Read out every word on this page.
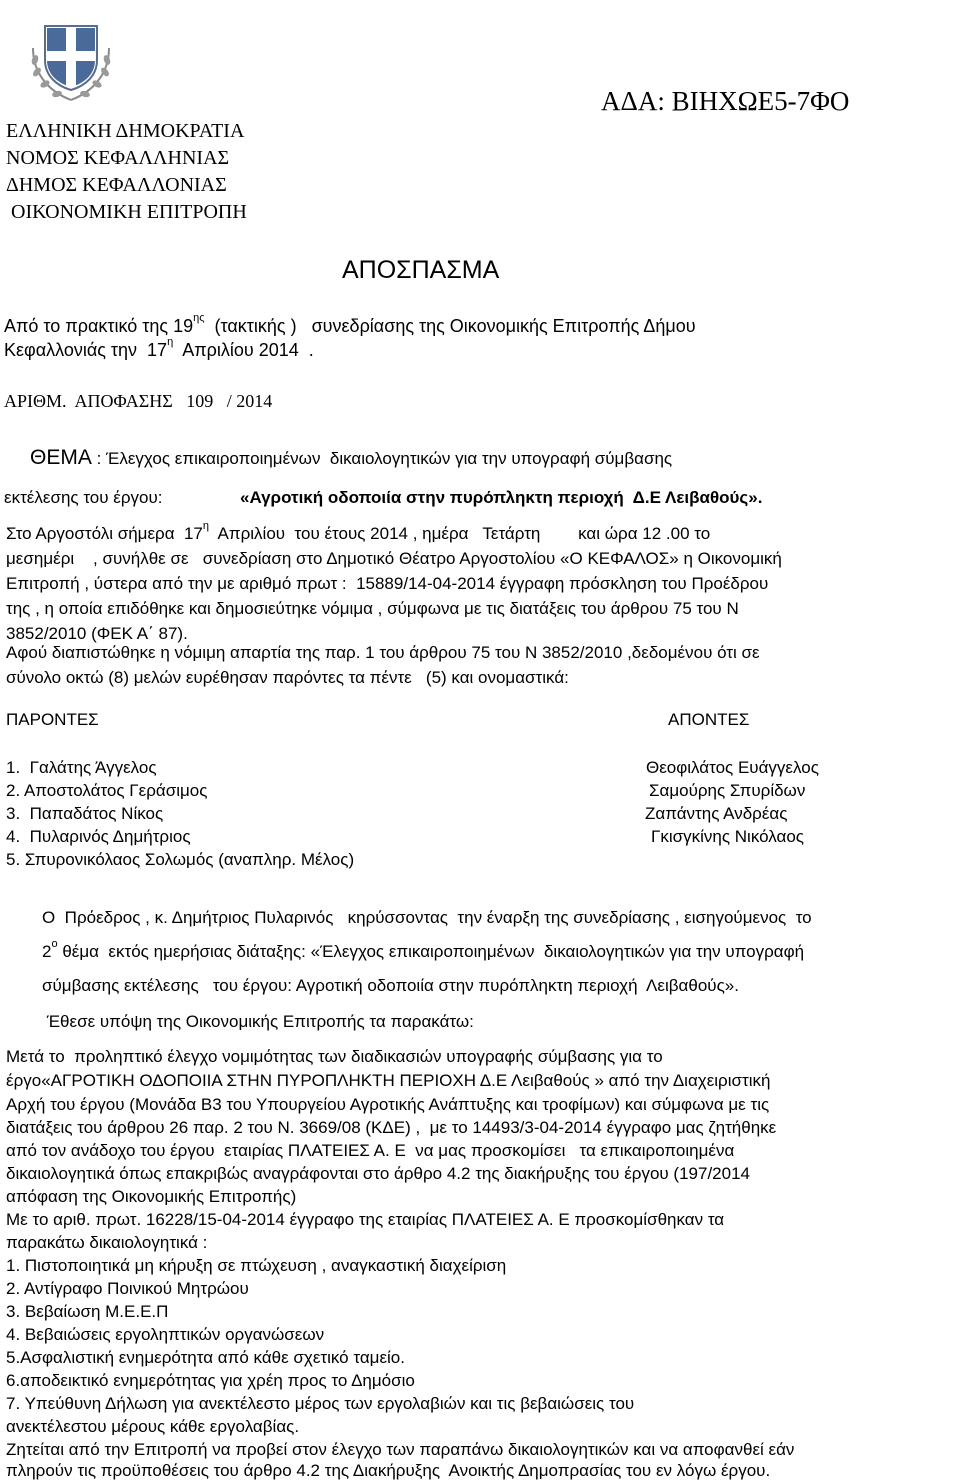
ΕΛΛΗΝΙΚΗ ΔΗΜΟΚΡΑΤΙΑ
ΝΟΜΟΣ ΚΕΦΑΛΛΗΝΙΑΣ
ΔΗΜΟΣ ΚΕΦΑΛΛΟΝΙΑΣ
ΟΙΚΟΝΟΜΙΚΗ ΕΠΙΤΡΟΠΗ
ΑΔΑ: ΒΙΗΧΩΕ5-7ΦΟ
ΑΠΟΣΠΑΣΜΑ
Από το πρακτικό της $19^{\eta\varsigma}$  (τακτικής )   συνεδρίασης της Οικονομικής Επιτροπής Δήμου
Κεφαλλονιάς την  $17^\eta$  Απριλίου 2014  .
ΑΡΙΘΜ.  ΑΠΟΦΑΣΗΣ   109   / 2014
ΘΕΜΑ : Έλεγχος επικαιροποιημένων  δικαιολογητικών για την υπογραφή σύμβασης
εκτέλεσης του έργου:	«Αγροτική οδοποιία στην πυρόπληκτη περιοχή  Δ.Ε Λειβαθούς».
Στο Αργοστόλι σήμερα  $17^\eta$  Απριλίου  του έτους 2014 , ημέρα   Τετάρτη        και ώρα 12 .00 το
μεσημέρι    , συνήλθε σε   συνεδρίαση στο Δημοτικό Θέατρο Αργοστολίου «Ο ΚΕΦΑΛΟΣ» η Οικονομική
Επιτροπή , ύστερα από την με αριθμό πρωτ :  15889/14-04-2014 έγγραφη πρόσκληση του Προέδρου
της , η οποία επιδόθηκε και δημοσιεύτηκε νόμιμα , σύμφωνα με τις διατάξεις του άρθρου 75 του Ν
3852/2010 (ΦΕΚ Α΄ 87).
Αφού διαπιστώθηκε η νόμιμη απαρτία της παρ. 1 του άρθρου 75 του Ν 3852/2010 ,δεδομένου ότι σε
σύνολο οκτώ (8) μελών ευρέθησαν παρόντες τα πέντε   (5) και ονομαστικά:
ΠΑΡΟΝΤΕΣ	ΑΠΟΝΤΕΣ
1.  Γαλάτης Άγγελος
2. Αποστολάτος Γεράσιμος
3.  Παπαδάτος Νίκος
4.  Πυλαρινός Δημήτριος
5. Σπυρονικόλαος Σολωμός (αναπληρ. Μέλος)
Θεοφιλάτος Ευάγγελος
Σαμούρης Σπυρίδων
Ζαπάντης Ανδρέας
Γκισγκίνης Νικόλαος
Ο  Πρόεδρος , κ. Δημήτριος Πυλαρινός   κηρύσσοντας  την έναρξη της συνεδρίασης , εισηγούμενος  το
$2^o$ θέμα  εκτός ημερήσιας διάταξης: «Έλεγχος επικαιροποιημένων  δικαιολογητικών για την υπογραφή
σύμβασης εκτέλεσης   του έργου: Αγροτική οδοποιία στην πυρόπληκτη περιοχή  Λειβαθούς».
Έθεσε υπόψη της Οικονομικής Επιτροπής τα παρακάτω:
Μετά το  προληπτικό έλεγχο νομιμότητας των διαδικασιών υπογραφής σύμβασης για το
έργο«ΑΓΡΟΤΙΚΗ ΟΔΟΠΟΙΙΑ ΣΤΗΝ ΠΥΡΟΠΛΗΚΤΗ ΠΕΡΙΟΧΗ Δ.Ε Λειβαθούς » από την Διαχειριστική
Αρχή του έργου (Μονάδα Β3 του Υπουργείου Αγροτικής Ανάπτυξης και τροφίμων) και σύμφωνα με τις
διατάξεις του άρθρου 26 παρ. 2 του Ν. 3669/08 (ΚΔΕ) ,  με το 14493/3-04-2014 έγγραφο μας ζητήθηκε
από τον ανάδοχο του έργου  εταιρίας ΠΛΑΤΕΙΕΣ Α. Ε  να μας προσκομίσει   τα επικαιροποιημένα
δικαιολογητικά όπως επακριβώς αναγράφονται στο άρθρο 4.2 της διακήρυξης του έργου (197/2014
απόφαση της Οικονομικής Επιτροπής)
Με το αριθ. πρωτ. 16228/15-04-2014 έγγραφο της εταιρίας ΠΛΑΤΕΙΕΣ Α. Ε προσκομίσθηκαν τα
παρακάτω δικαιολογητικά :
1. Πιστοποιητικά μη κήρυξη σε πτώχευση , αναγκαστική διαχείριση
2. Αντίγραφο Ποινικού Μητρώου
3. Βεβαίωση Μ.Ε.Ε.Π
4. Βεβαιώσεις εργοληπτικών οργανώσεων
5.Ασφαλιστική ενημερότητα από κάθε σχετικό ταμείο.
6.αποδεικτικό ενημερότητας για χρέη προς το Δημόσιο
7. Υπεύθυνη Δήλωση για ανεκτέλεστο μέρος των εργολαβιών και τις βεβαιώσεις του
ανεκτέλεστου μέρους κάθε εργολαβίας.
Ζητείται από την Επιτροπή να προβεί στον έλεγχο των παραπάνω δικαιολογητικών και να αποφανθεί εάν
πληρούν τις προϋποθέσεις του άρθρο 4.2 της Διακήρυξης  Ανοικτής Δημοπρασίας του εν λόγω έργου.
